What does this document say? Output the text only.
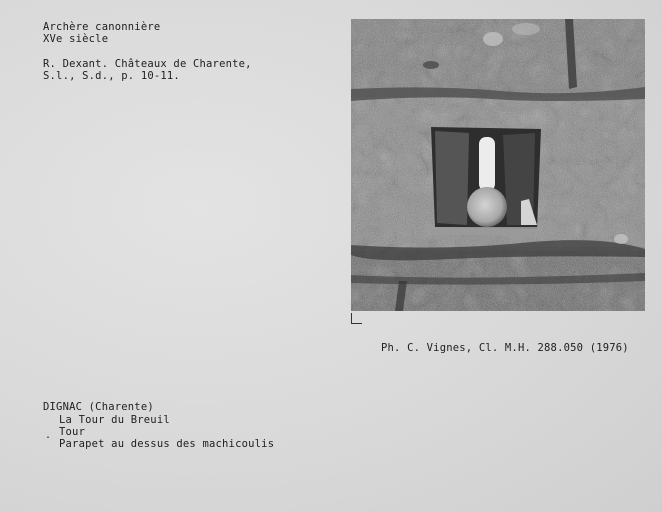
Archère canonnière

XVe siècle

R. Dexant. Châteaux de Charente,

S.l., S.d., p. 10-11.

Ph. C. Vignes, Cl. M.H. 288.050 (1976)

DIGNAC (Charente)

La Tour du Breuil

. Tour

Parapet au dessus des machicoulis
